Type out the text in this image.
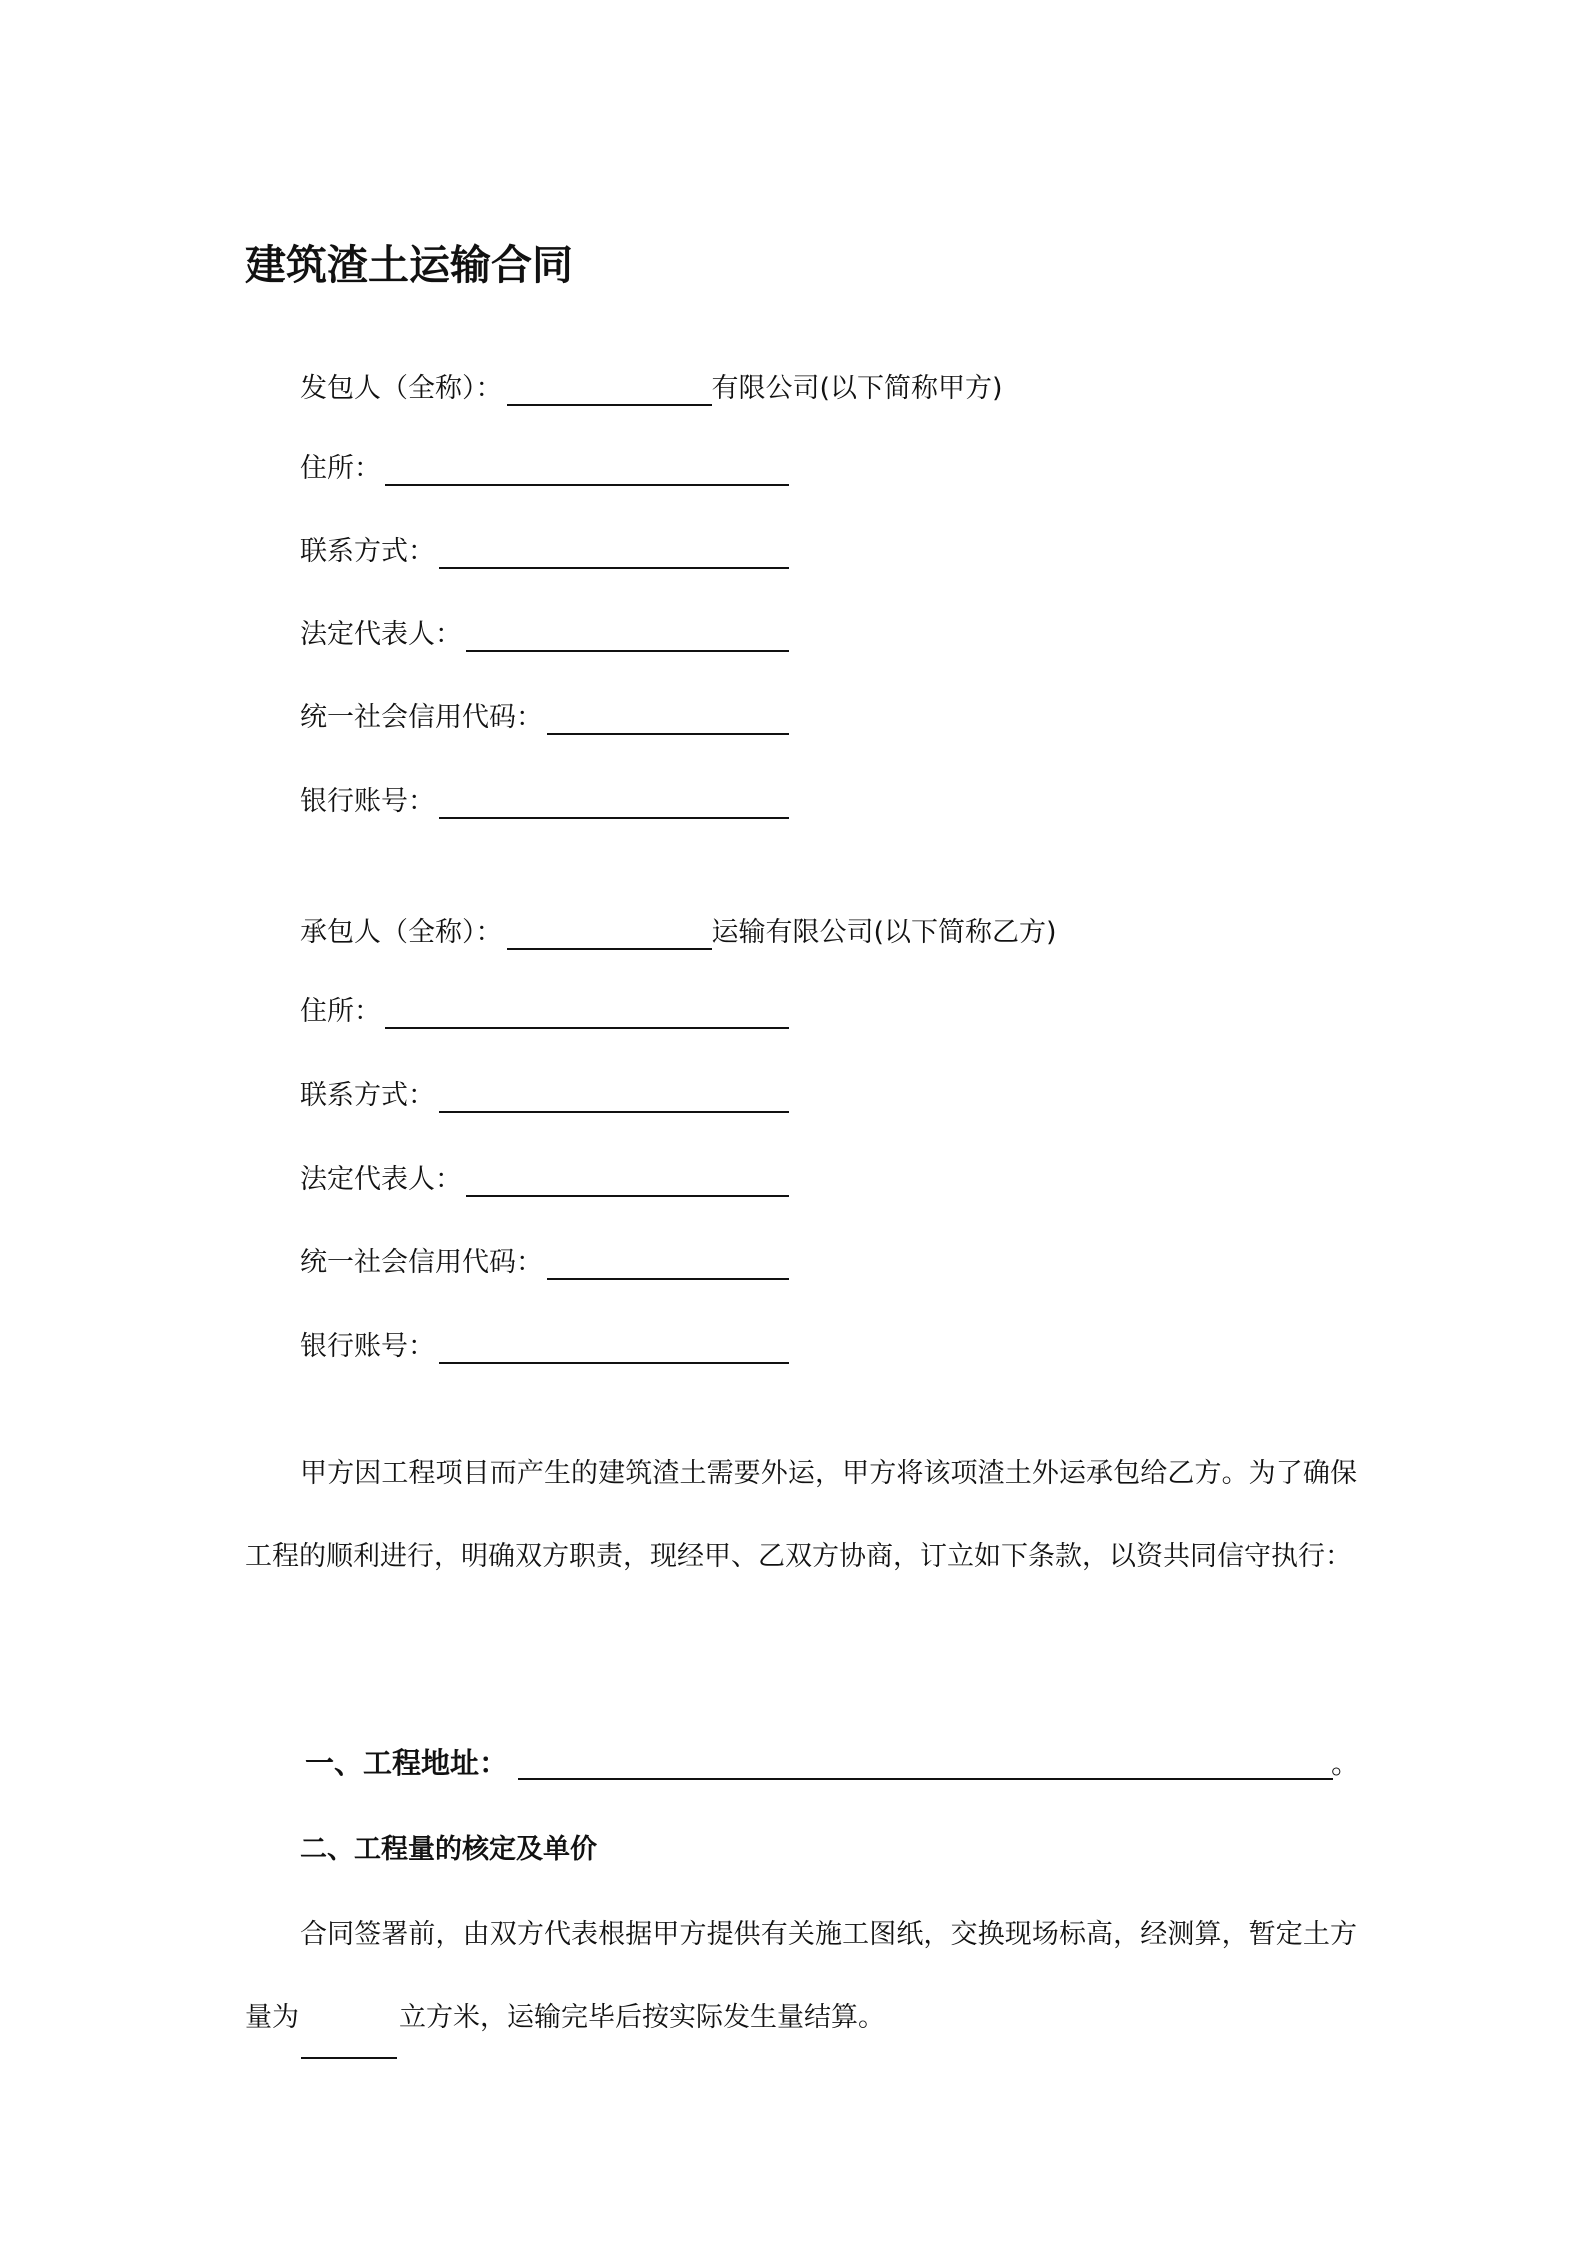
建筑渣土运输合同
发包人（全称）：	有限公司(以下简称甲方)
住所：
联系方式：
法定代表人：
统一社会信用代码：
银行账号：
承包人（全称）：	运输有限公司(以下简称乙方)
住所：
联系方式：
法定代表人：
统一社会信用代码：
银行账号：
甲方因工程项目而产生的建筑渣土需要外运，甲方将该项渣土外运承包给乙方。为了确保工程的顺利进行，明确双方职责，现经甲、乙双方协商，订立如下条款，以资共同信守执行：
一、工程地址：	。
二、工程量的核定及单价
合同签署前，由双方代表根据甲方提供有关施工图纸，交换现场标高，经测算，暂定土方量为	立方米，运输完毕后按实际发生量结算。
